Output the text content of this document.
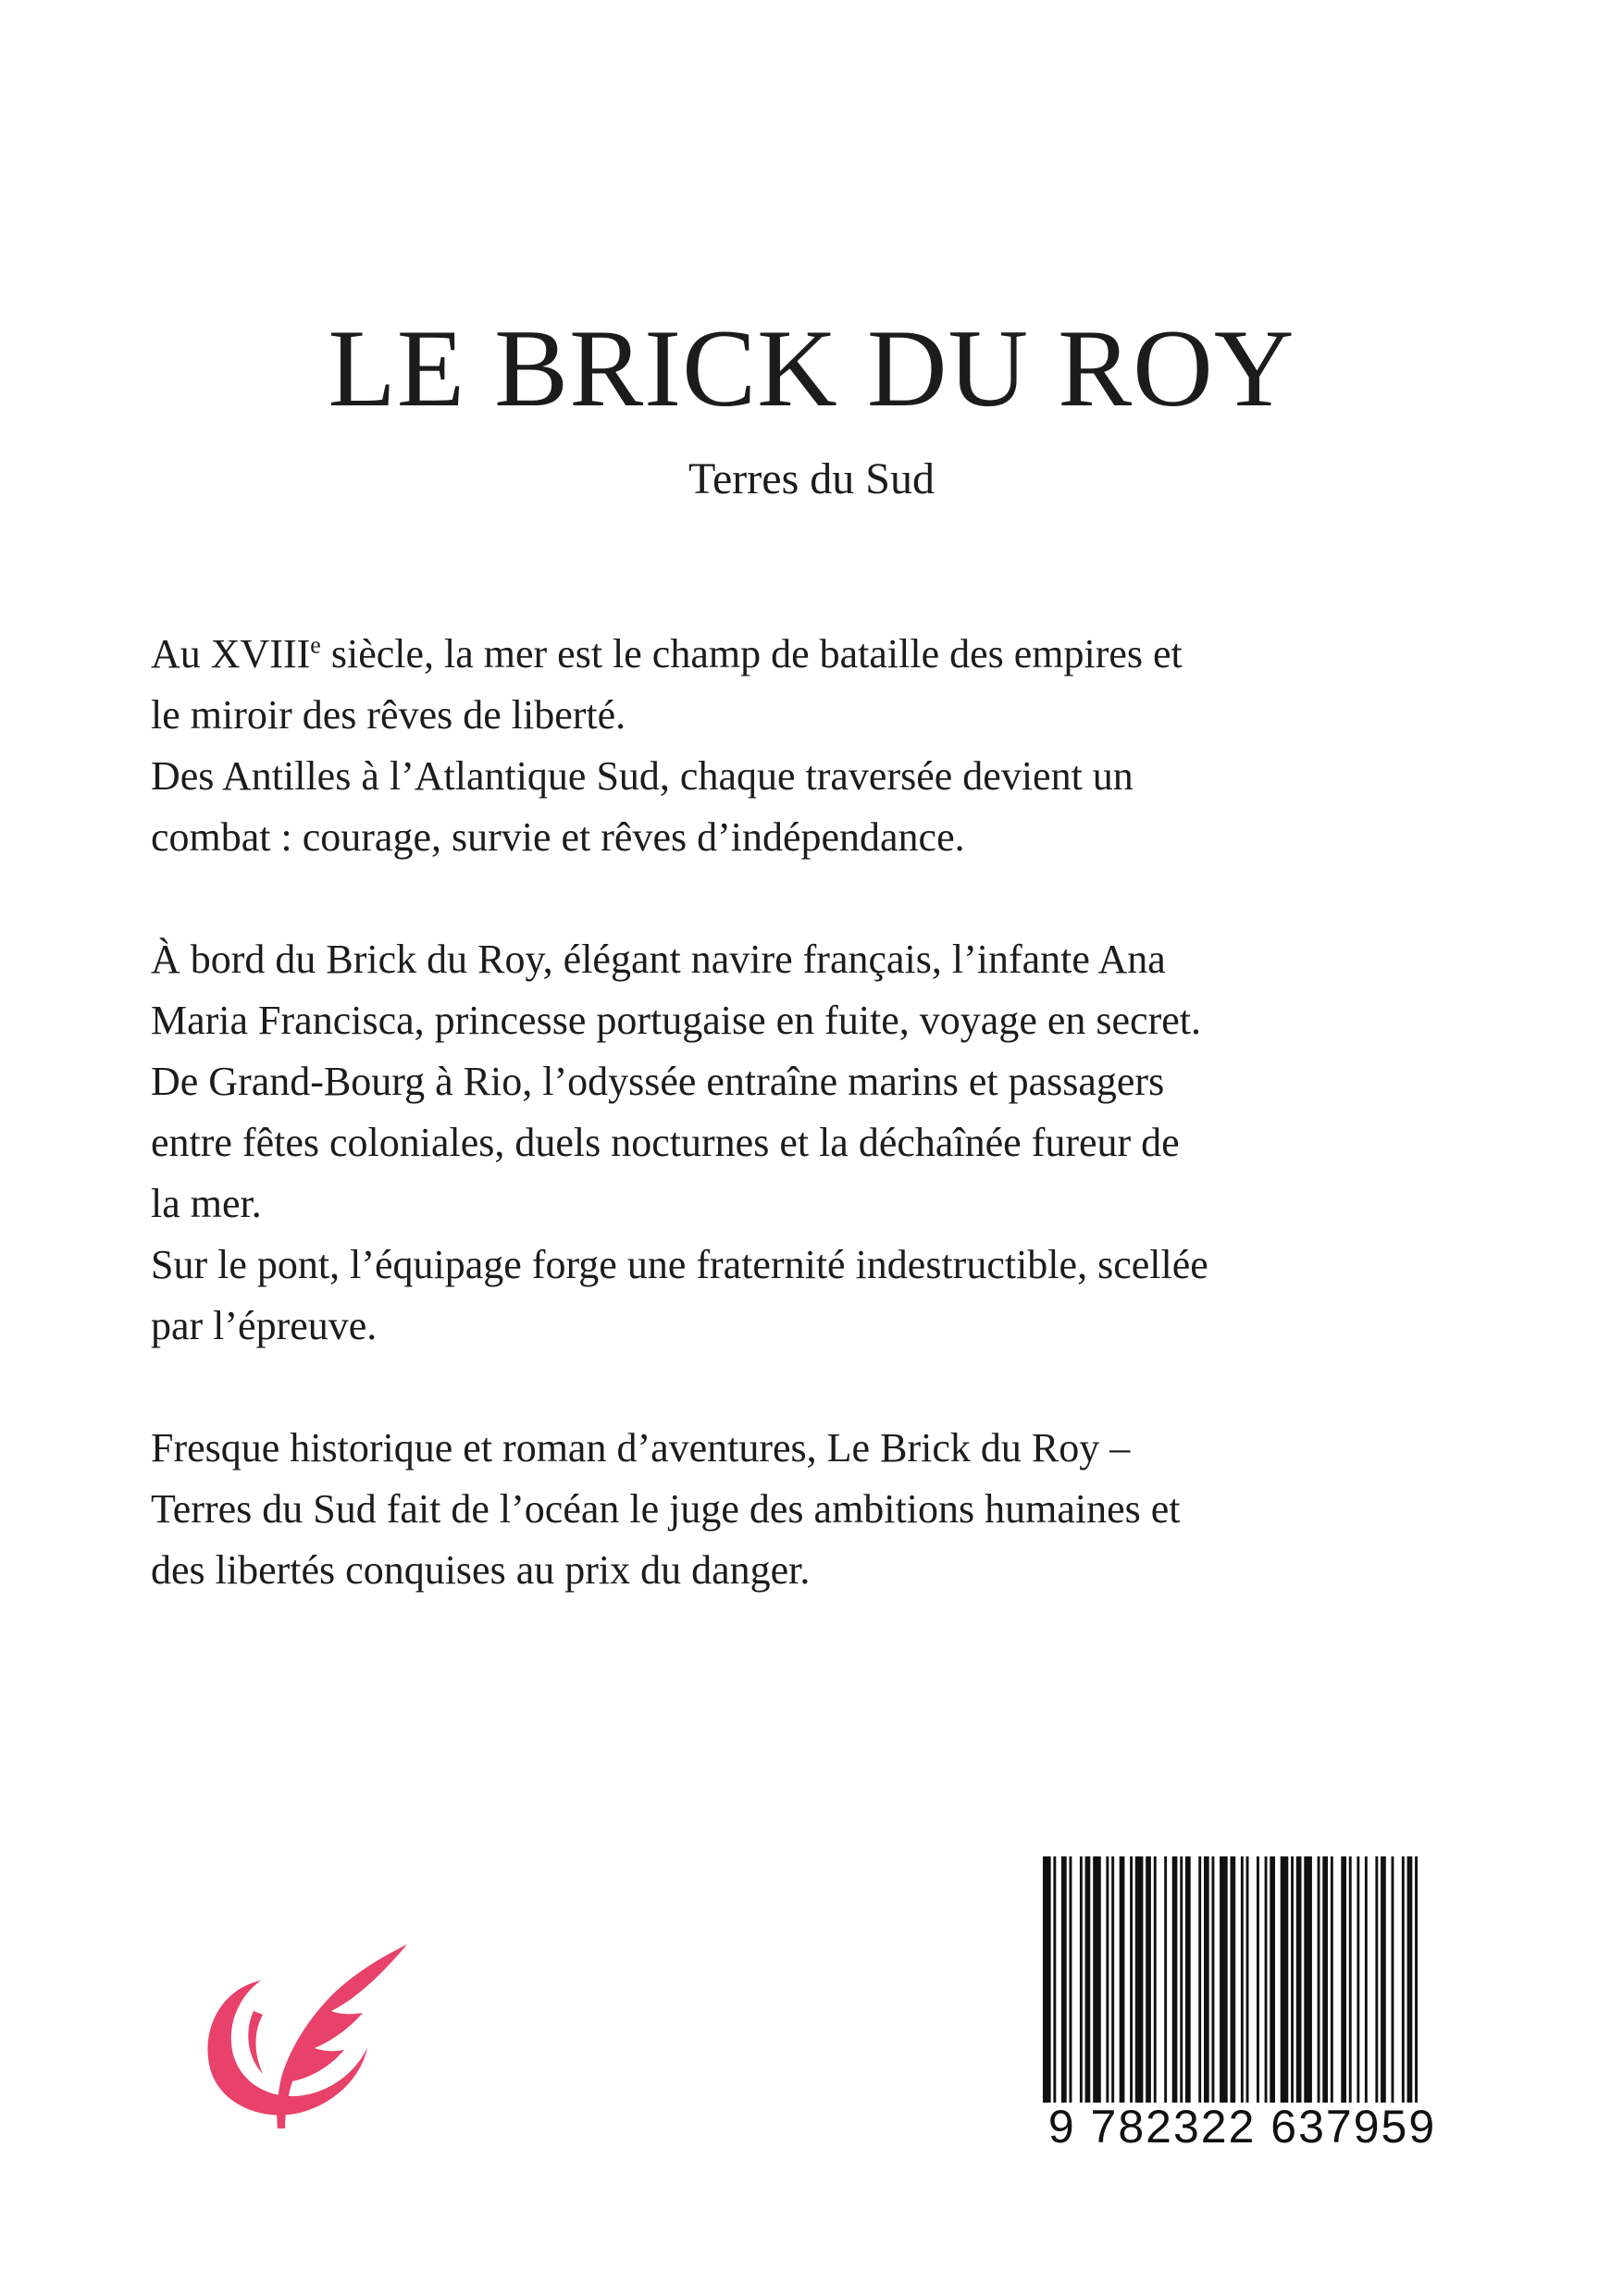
LE BRICK DU ROY
Terres du Sud
Au XVIIIe siècle, la mer est le champ de bataille des empires et
le miroir des rêves de liberté.
Des Antilles à l’Atlantique Sud, chaque traversée devient un
combat : courage, survie et rêves d’indépendance.
À bord du Brick du Roy, élégant navire français, l’infante Ana
Maria Francisca, princesse portugaise en fuite, voyage en secret.
De Grand-Bourg à Rio, l’odyssée entraîne marins et passagers
entre fêtes coloniales, duels nocturnes et la déchaînée fureur de
la mer.
Sur le pont, l’équipage forge une fraternité indestructible, scellée
par l’épreuve.
Fresque historique et roman d’aventures, Le Brick du Roy –
Terres du Sud fait de l’océan le juge des ambitions humaines et
des libertés conquises au prix du danger.
9 782322 637959
